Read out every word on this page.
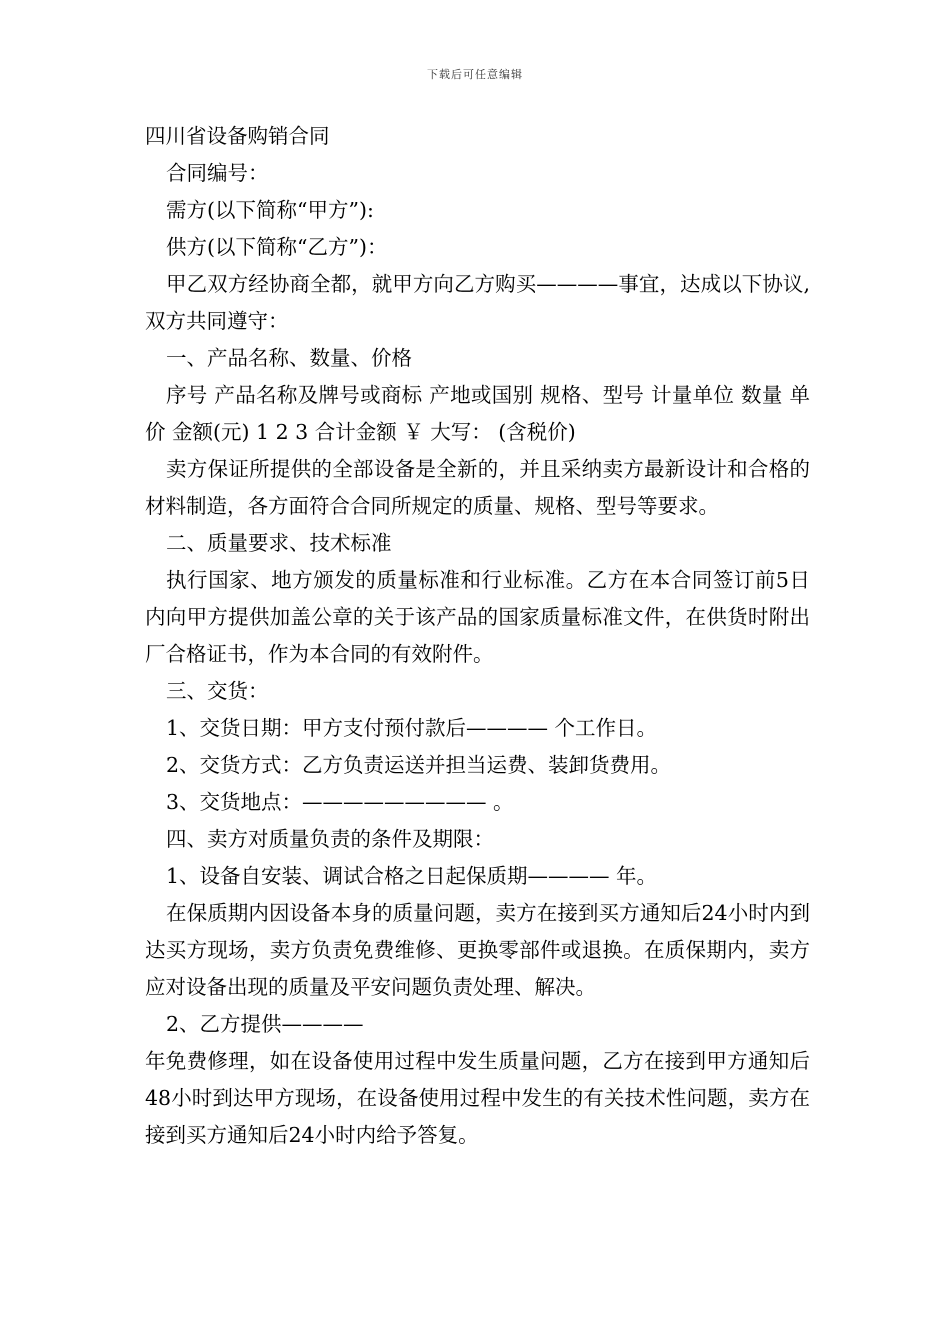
下载后可任意编辑

四川省设备购销合同

合同编号：

需方(以下简称“甲方”):

供方(以下简称“乙方”)：

甲乙双方经协商全都，就甲方向乙方购买————事宜，达成以下协议,双方共同遵守：

一、产品名称、数量、价格

序号 产品名称及牌号或商标 产地或国别 规格、型号 计量单位 数量 单价 金额(元) 1 2 3 合计金额 ￥ 大写： (含税价)

卖方保证所提供的全部设备是全新的，并且采纳卖方最新设计和合格的材料制造，各方面符合合同所规定的质量、规格、型号等要求。

二、质量要求、技术标准

执行国家、地方颁发的质量标准和行业标准。乙方在本合同签订前5日内向甲方提供加盖公章的关于该产品的国家质量标准文件，在供货时附出厂合格证书，作为本合同的有效附件。

三、交货：

1、交货日期：甲方支付预付款后———— 个工作日。

2、交货方式：乙方负责运送并担当运费、装卸货费用。

3、交货地点：————————— 。

四、卖方对质量负责的条件及期限：

1、设备自安装、调试合格之日起保质期———— 年。

在保质期内因设备本身的质量问题，卖方在接到买方通知后24小时内到达买方现场，卖方负责免费维修、更换零部件或退换。在质保期内，卖方应对设备出现的质量及平安问题负责处理、解决。

2、乙方提供————

年免费修理，如在设备使用过程中发生质量问题，乙方在接到甲方通知后48小时到达甲方现场，在设备使用过程中发生的有关技术性问题，卖方在接到买方通知后24小时内给予答复。
